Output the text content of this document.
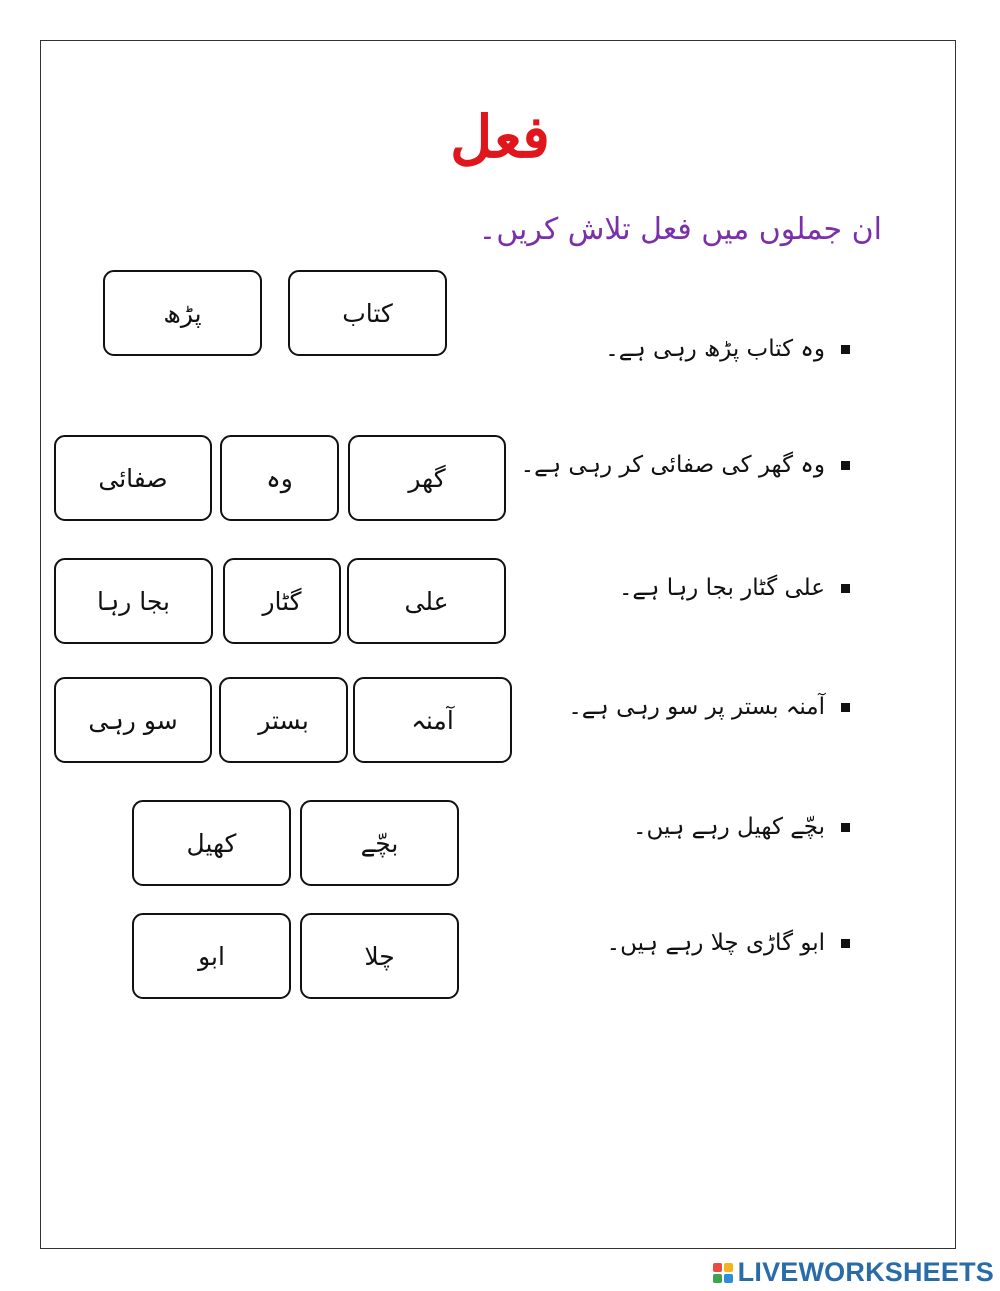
فعل
ان جملوں میں فعل تلاش کریں۔
وہ کتاب پڑھ رہی ہے۔
کتاب
پڑھ
وہ گھر کی صفائی کر رہی ہے۔
گھر
وہ
صفائی
علی گٹار بجا رہا ہے۔
علی
گٹار
بجا رہا
آمنہ بستر پر سو رہی ہے۔
آمنہ
بستر
سو رہی
بچّے کھیل رہے ہیں۔
بچّے
کھیل
ابو گاڑی چلا رہے ہیں۔
چلا
ابو
LIVEWORKSHEETS
